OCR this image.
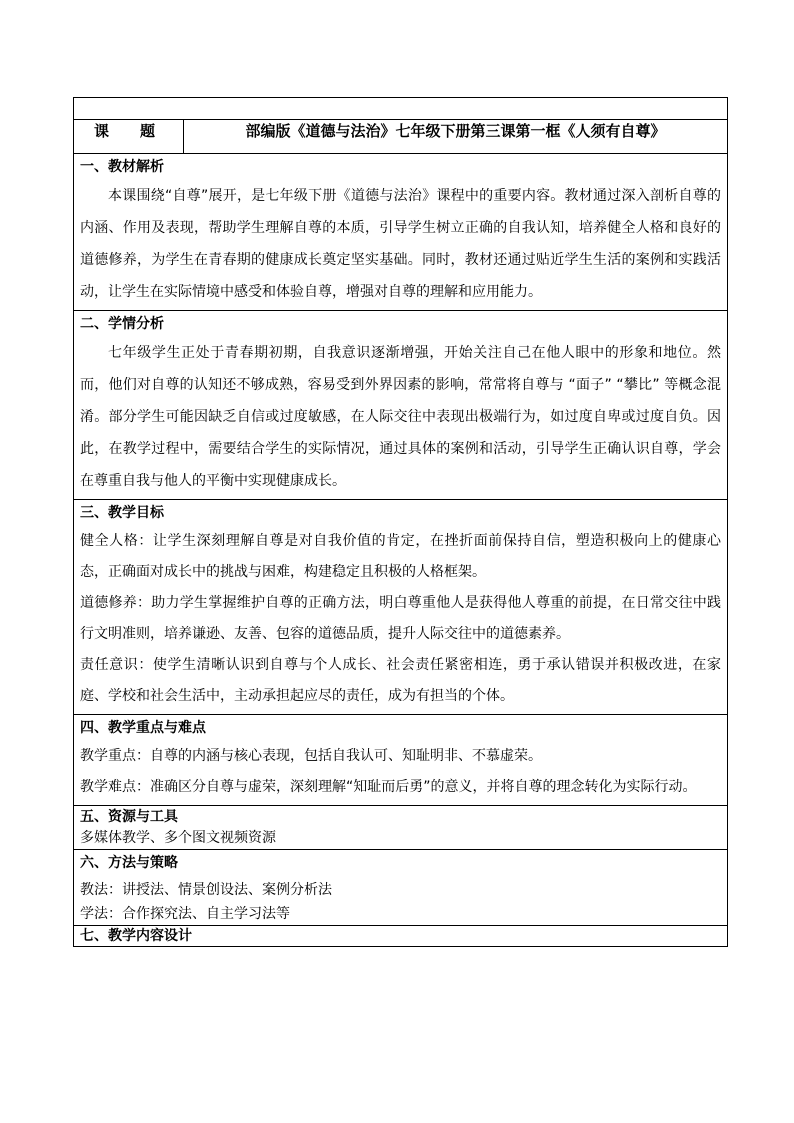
课　题	部编版《道德与法治》七年级下册第三课第一框《人须有自尊》

一、教材解析

本课围绕“自尊”展开，是七年级下册《道德与法治》课程中的重要内容。教材通过深入剖析自尊的内涵、作用及表现，帮助学生理解自尊的本质，引导学生树立正确的自我认知，培养健全人格和良好的道德修养，为学生在青春期的健康成长奠定坚实基础。同时，教材还通过贴近学生生活的案例和实践活动，让学生在实际情境中感受和体验自尊，增强对自尊的理解和应用能力。

二、学情分析

七年级学生正处于青春期初期，自我意识逐渐增强，开始关注自己在他人眼中的形象和地位。然而，他们对自尊的认知还不够成熟，容易受到外界因素的影响，常常将自尊与 “面子” “攀比” 等概念混淆。部分学生可能因缺乏自信或过度敏感，在人际交往中表现出极端行为，如过度自卑或过度自负。因此，在教学过程中，需要结合学生的实际情况，通过具体的案例和活动，引导学生正确认识自尊，学会在尊重自我与他人的平衡中实现健康成长。

三、教学目标

健全人格：让学生深刻理解自尊是对自我价值的肯定，在挫折面前保持自信，塑造积极向上的健康心态，正确面对成长中的挑战与困难，构建稳定且积极的人格框架。

道德修养：助力学生掌握维护自尊的正确方法，明白尊重他人是获得他人尊重的前提，在日常交往中践行文明准则，培养谦逊、友善、包容的道德品质，提升人际交往中的道德素养。

责任意识：使学生清晰认识到自尊与个人成长、社会责任紧密相连，勇于承认错误并积极改进，在家庭、学校和社会生活中，主动承担起应尽的责任，成为有担当的个体。

四、教学重点与难点

教学重点：自尊的内涵与核心表现，包括自我认可、知耻明非、不慕虚荣。

教学难点：准确区分自尊与虚荣，深刻理解“知耻而后勇”的意义，并将自尊的理念转化为实际行动。

五、资源与工具

多媒体教学、多个图文视频资源

六、方法与策略

教法：讲授法、情景创设法、案例分析法

学法：合作探究法、自主学习法等

七、教学内容设计
